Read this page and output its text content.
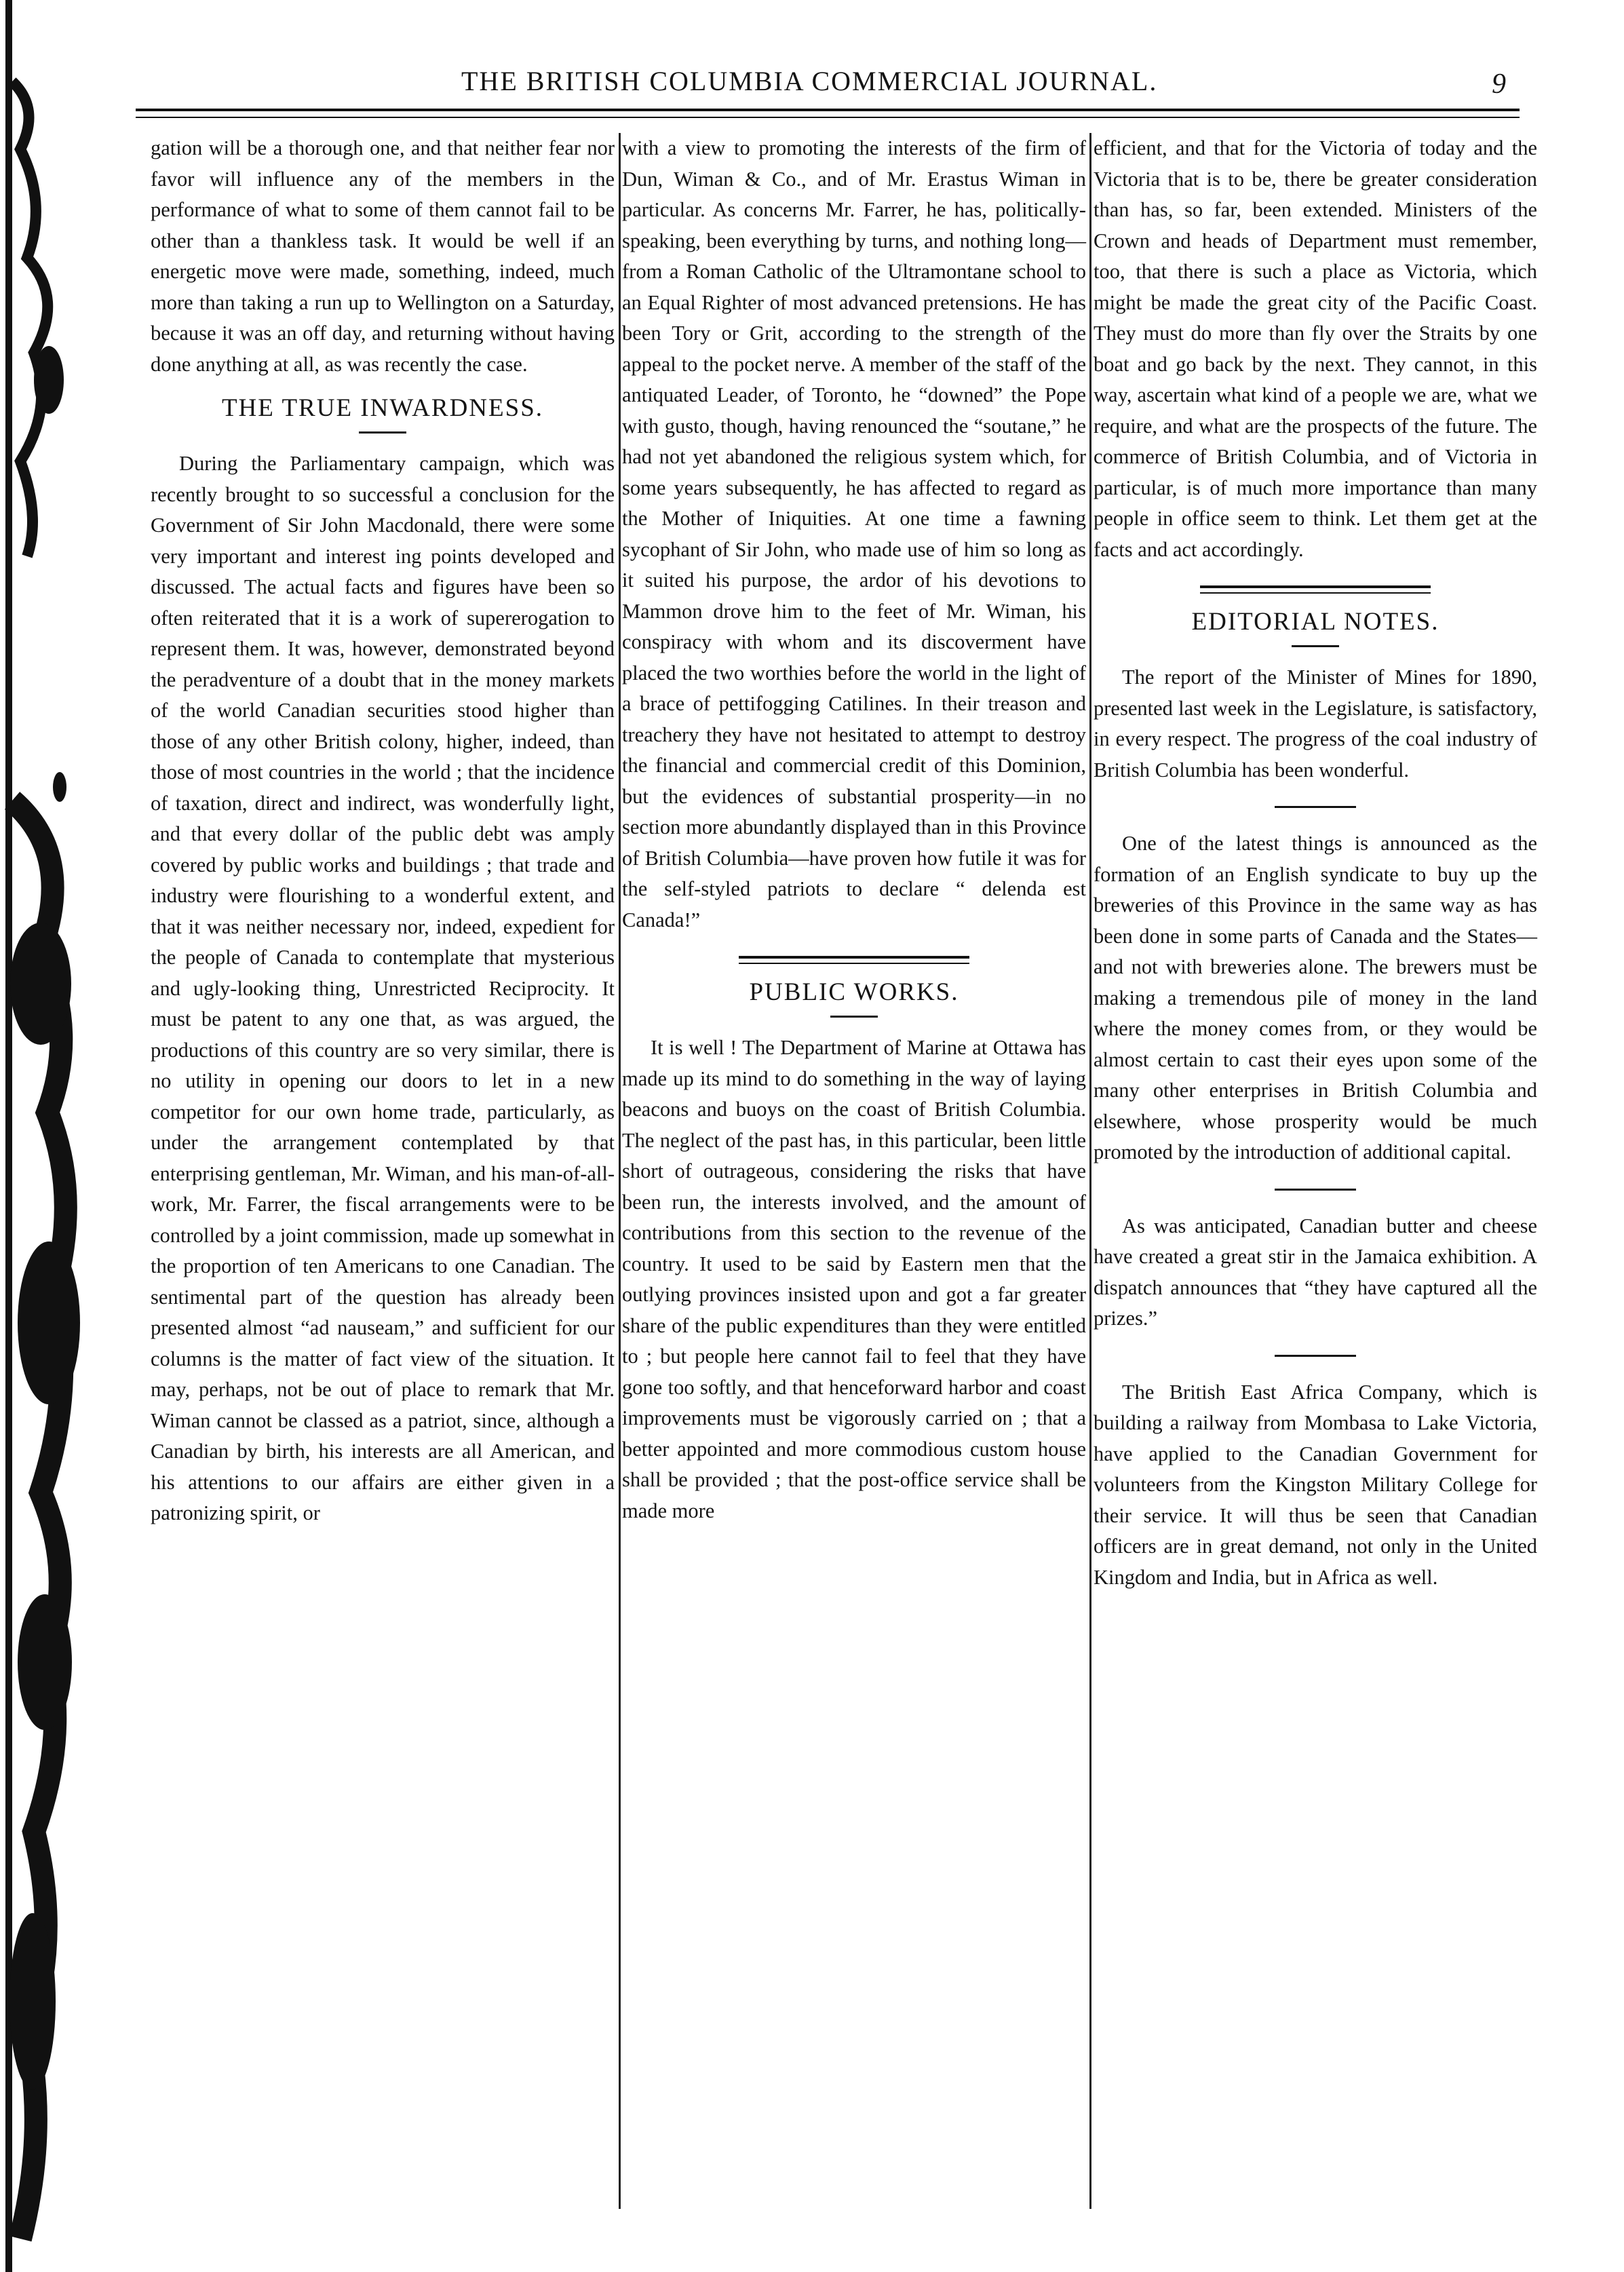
THE BRITISH COLUMBIA COMMERCIAL JOURNAL.	9

gation will be a thorough one, and that neither fear nor favor will influence any of the members in the performance of what to some of them cannot fail to be other than a thankless task. It would be well if an energetic move were made, something, indeed, much more than taking a run up to Wellington on a Saturday, because it was an off day, and returning without having done anything at all, as was recently the case.

THE TRUE INWARDNESS.

During the Parliamentary campaign, which was recently brought to so successful a conclusion for the Government of Sir John Macdonald, there were some very important and interest ing points developed and discussed. The actual facts and figures have been so often reiterated that it is a work of supererogation to represent them. It was, however, demonstrated beyond the peradventure of a doubt that in the money markets of the world Canadian securities stood higher than those of any other British colony, higher, indeed, than those of most countries in the world ; that the incidence of taxation, direct and indirect, was wonderfully light, and that every dollar of the public debt was amply covered by public works and buildings ; that trade and industry were flourishing to a wonderful extent, and that it was neither necessary nor, indeed, expedient for the people of Canada to contemplate that mysterious and ugly-looking thing, Unrestricted Reciprocity. It must be patent to any one that, as was argued, the productions of this country are so very similar, there is no utility in opening our doors to let in a new competitor for our own home trade, particularly, as under the arrangement contemplated by that enterprising gentleman, Mr. Wiman, and his man-of-all-work, Mr. Farrer, the fiscal arrangements were to be controlled by a joint commission, made up somewhat in the proportion of ten Americans to one Canadian. The sentimental part of the question has already been presented almost “ad nauseam,” and sufficient for our columns is the matter of fact view of the situation. It may, perhaps, not be out of place to remark that Mr. Wiman cannot be classed as a patriot, since, although a Canadian by birth, his interests are all American, and his attentions to our affairs are either given in a patronizing spirit, or

with a view to promoting the interests of the firm of Dun, Wiman & Co., and of Mr. Erastus Wiman in particular. As concerns Mr. Farrer, he has, politically-speaking, been everything by turns, and nothing long—from a Roman Catholic of the Ultramontane school to an Equal Righter of most advanced pretensions. He has been Tory or Grit, according to the strength of the appeal to the pocket nerve. A member of the staff of the antiquated Leader, of Toronto, he “downed” the Pope with gusto, though, having renounced the “soutane,” he had not yet abandoned the religious system which, for some years subsequently, he has affected to regard as the Mother of Iniquities. At one time a fawning sycophant of Sir John, who made use of him so long as it suited his purpose, the ardor of his devotions to Mammon drove him to the feet of Mr. Wiman, his conspiracy with whom and its discoverment have placed the two worthies before the world in the light of a brace of pettifogging Catilines. In their treason and treachery they have not hesitated to attempt to destroy the financial and commercial credit of this Dominion, but the evidences of substantial prosperity—in no section more abundantly displayed than in this Province of British Columbia—have proven how futile it was for the self-styled patriots to declare “ delenda est Canada!”

PUBLIC WORKS.

It is well ! The Department of Marine at Ottawa has made up its mind to do something in the way of laying beacons and buoys on the coast of British Columbia. The neglect of the past has, in this particular, been little short of outrageous, considering the risks that have been run, the interests involved, and the amount of contributions from this section to the revenue of the country. It used to be said by Eastern men that the outlying provinces insisted upon and got a far greater share of the public expenditures than they were entitled to ; but people here cannot fail to feel that they have gone too softly, and that henceforward harbor and coast improvements must be vigorously carried on ; that a better appointed and more commodious custom house shall be provided ; that the post-office service shall be made more

efficient, and that for the Victoria of today and the Victoria that is to be, there be greater consideration than has, so far, been extended. Ministers of the Crown and heads of Department must remember, too, that there is such a place as Victoria, which might be made the great city of the Pacific Coast. They must do more than fly over the Straits by one boat and go back by the next. They cannot, in this way, ascertain what kind of a people we are, what we require, and what are the prospects of the future. The commerce of British Columbia, and of Victoria in particular, is of much more importance than many people in office seem to think. Let them get at the facts and act accordingly.

EDITORIAL NOTES.

The report of the Minister of Mines for 1890, presented last week in the Legislature, is satisfactory, in every respect. The progress of the coal industry of British Columbia has been wonderful.

One of the latest things is announced as the formation of an English syndicate to buy up the breweries of this Province in the same way as has been done in some parts of Canada and the States—and not with breweries alone. The brewers must be making a tremendous pile of money in the land where the money comes from, or they would be almost certain to cast their eyes upon some of the many other enterprises in British Columbia and elsewhere, whose prosperity would be much promoted by the introduction of additional capital.

As was anticipated, Canadian butter and cheese have created a great stir in the Jamaica exhibition. A dispatch announces that “they have captured all the prizes.”

The British East Africa Company, which is building a railway from Mombasa to Lake Victoria, have applied to the Canadian Government for volunteers from the Kingston Military College for their service. It will thus be seen that Canadian officers are in great demand, not only in the United Kingdom and India, but in Africa as well.
